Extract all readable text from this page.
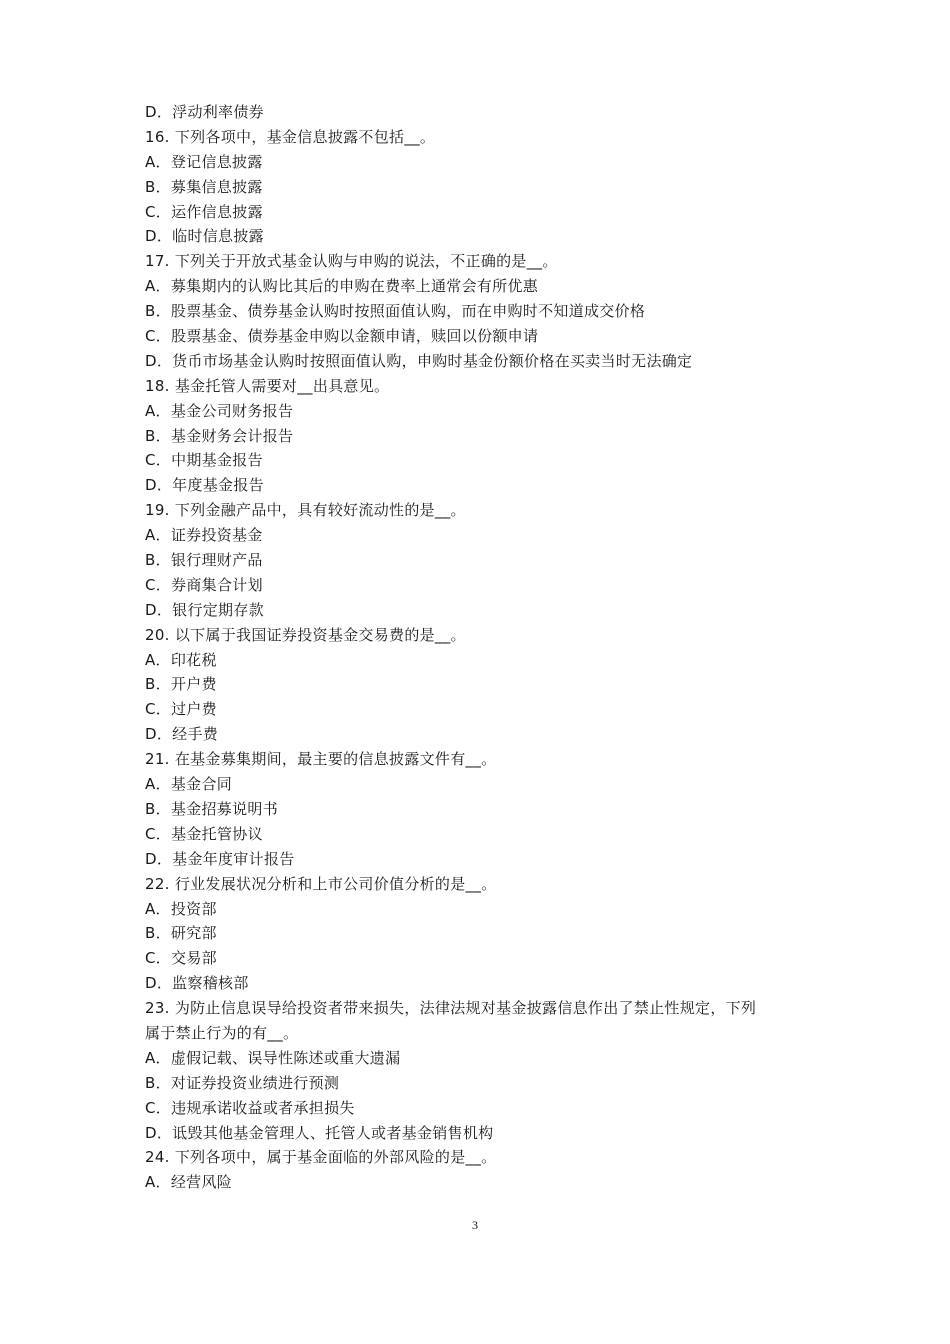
D．浮动利率债券
16. 下列各项中，基金信息披露不包括__。
A．登记信息披露
B．募集信息披露
C．运作信息披露
D．临时信息披露
17. 下列关于开放式基金认购与申购的说法，不正确的是__。
A．募集期内的认购比其后的申购在费率上通常会有所优惠
B．股票基金、债券基金认购时按照面值认购，而在申购时不知道成交价格
C．股票基金、债券基金申购以金额申请，赎回以份额申请
D．货币市场基金认购时按照面值认购，申购时基金份额价格在买卖当时无法确定
18. 基金托管人需要对__出具意见。
A．基金公司财务报告
B．基金财务会计报告
C．中期基金报告
D．年度基金报告
19. 下列金融产品中，具有较好流动性的是__。
A．证券投资基金
B．银行理财产品
C．券商集合计划
D．银行定期存款
20. 以下属于我国证券投资基金交易费的是__。
A．印花税
B．开户费
C．过户费
D．经手费
21. 在基金募集期间，最主要的信息披露文件有__。
A．基金合同
B．基金招募说明书
C．基金托管协议
D．基金年度审计报告
22. 行业发展状况分析和上市公司价值分析的是__。
A．投资部
B．研究部
C．交易部
D．监察稽核部
23. 为防止信息误导给投资者带来损失，法律法规对基金披露信息作出了禁止性规定，下列
属于禁止行为的有__。
A．虚假记载、误导性陈述或重大遗漏
B．对证券投资业绩进行预测
C．违规承诺收益或者承担损失
D．诋毁其他基金管理人、托管人或者基金销售机构
24. 下列各项中，属于基金面临的外部风险的是__。
A．经营风险
3
